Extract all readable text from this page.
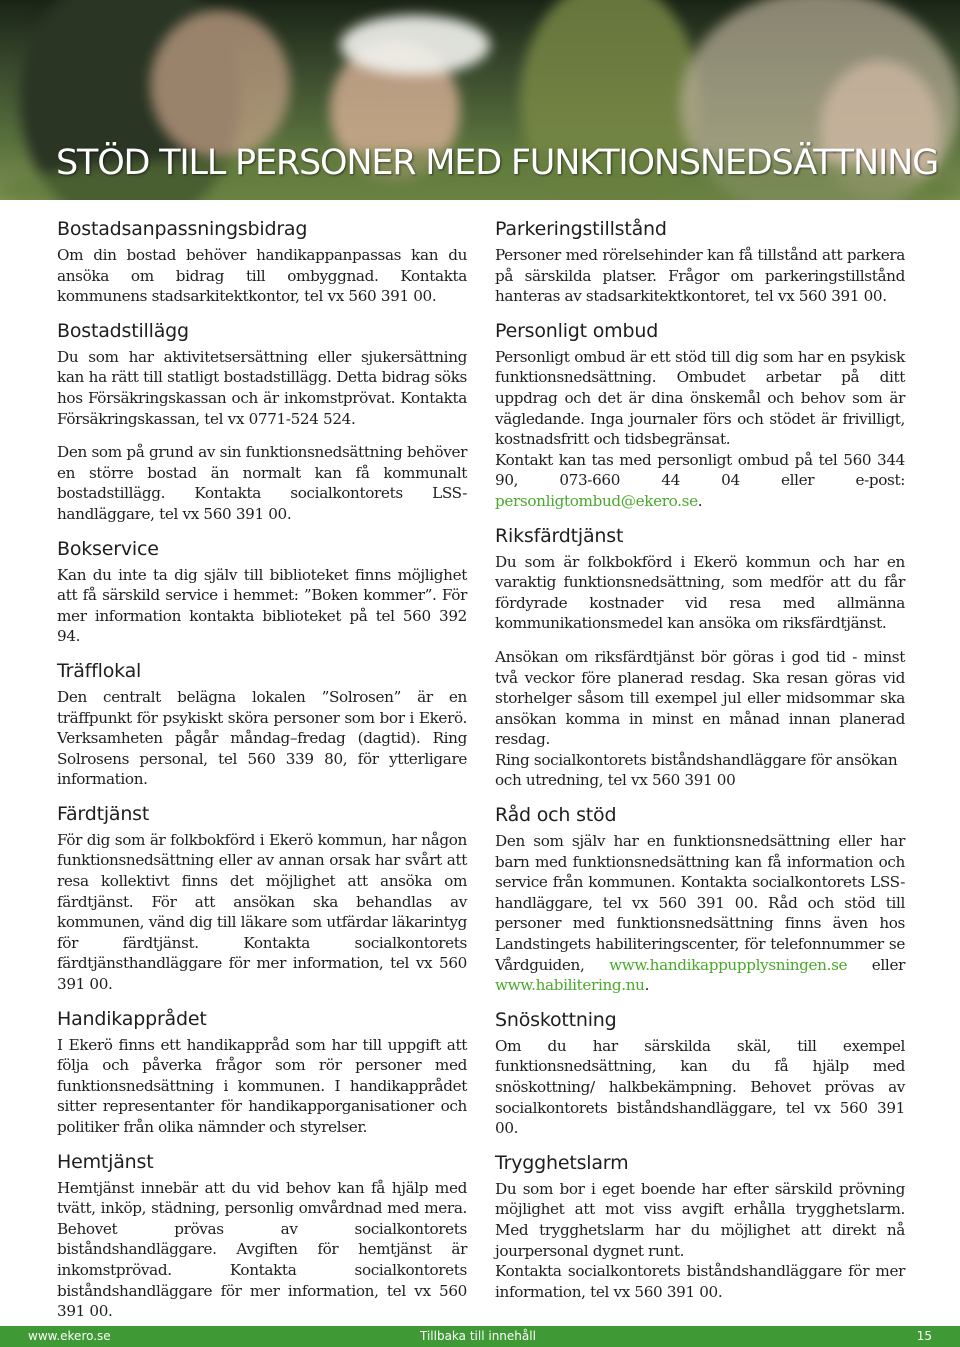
STÖD TILL PERSONER MED FUNKTIONSNEDSÄTTNING
Bostadsanpassningsbidrag

Om din bostad behöver handikappanpassas kan du ansöka om bidrag till ombyggnad. Kontakta kommunens stadsarkitektkontor, tel vx 560 391 00.

Bostadstillägg

Du som har aktivitetsersättning eller sjukersättning kan ha rätt till statligt bostadstillägg. Detta bidrag söks hos Försäkringskassan och är inkomstprövat. Kontakta Försäkringskassan, tel vx 0771-524 524.

Den som på grund av sin funktionsnedsättning behöver en större bostad än normalt kan få kommunalt bostadstillägg. Kontakta socialkontorets LSS-handläggare, tel vx 560 391 00.

Bokservice

Kan du inte ta dig själv till biblioteket finns möjlighet att få särskild service i hemmet: ”Boken kommer”. För mer information kontakta biblioteket på tel 560 392 94.

Träfflokal

Den centralt belägna lokalen ”Solrosen” är en träffpunkt för psykiskt sköra personer som bor i Ekerö. Verksamheten pågår måndag–fredag (dagtid). Ring Solrosens personal, tel 560 339 80, för ytterligare information.

Färdtjänst

För dig som är folkbokförd i Ekerö kommun, har någon funktionsnedsättning eller av annan orsak har svårt att resa kollektivt finns det möjlighet att ansöka om färdtjänst. För att ansökan ska behandlas av kommunen, vänd dig till läkare som utfärdar läkarintyg för färdtjänst. Kontakta socialkontorets färdtjänsthandläggare för mer information, tel vx 560 391 00.

Handikapprådet

I Ekerö finns ett handikappråd som har till uppgift att följa och påverka frågor som rör personer med funktionsnedsättning i kommunen. I handikapprådet sitter representanter för handikapporganisationer och politiker från olika nämnder och styrelser.

Hemtjänst

Hemtjänst innebär att du vid behov kan få hjälp med tvätt, inköp, städning, personlig omvårdnad med mera. Behovet prövas av socialkontorets biståndshandläggare. Avgiften för hemtjänst är inkomstprövad. Kontakta socialkontorets biståndshandläggare för mer information, tel vx 560 391 00.

Parkeringstillstånd

Personer med rörelsehinder kan få tillstånd att parkera på särskilda platser. Frågor om parkeringstillstånd hanteras av stadsarkitektkontoret, tel vx 560 391 00.

Personligt ombud

Personligt ombud är ett stöd till dig som har en psykisk funktionsnedsättning. Ombudet arbetar på ditt uppdrag och det är dina önskemål och behov som är vägledande. Inga journaler förs och stödet är frivilligt, kostnadsfritt och tidsbegränsat.

Kontakt kan tas med personligt ombud på tel 560 344 90, 073-660 44 04 eller e-post: personligtombud@ekero.se.

Riksfärdtjänst

Du som är folkbokförd i Ekerö kommun och har en varaktig funktionsnedsättning, som medför att du får fördyrade kostnader vid resa med allmänna kommunikationsmedel kan ansöka om riksfärdtjänst.

Ansökan om riksfärdtjänst bör göras i god tid - minst två veckor före planerad resdag. Ska resan göras vid storhelger såsom till exempel jul eller midsommar ska ansökan komma in minst en månad innan planerad resdag.

Ring socialkontorets biståndshandläggare för ansökan och utredning, tel vx 560 391 00

Råd och stöd

Den som själv har en funktionsnedsättning eller har barn med funktionsnedsättning kan få information och service från kommunen. Kontakta socialkontorets LSS-handläggare, tel vx 560 391 00. Råd och stöd till personer med funktionsnedsättning finns även hos Landstingets habiliteringscenter, för telefonnummer se Vårdguiden, www.handikappupplysningen.se eller www.habilitering.nu.

Snöskottning

Om du har särskilda skäl, till exempel funktionsnedsättning, kan du få hjälp med snöskottning/ halkbekämpning. Behovet prövas av socialkontorets biståndshandläggare, tel vx 560 391 00.

Trygghetslarm

Du som bor i eget boende har efter särskild prövning möjlighet att mot viss avgift erhålla trygghetslarm. Med trygghetslarm har du möjlighet att direkt nå jourpersonal dygnet runt.

Kontakta socialkontorets biståndshandläggare för mer information, tel vx 560 391 00.

www.ekero.se	Tillbaka till innehåll	15
